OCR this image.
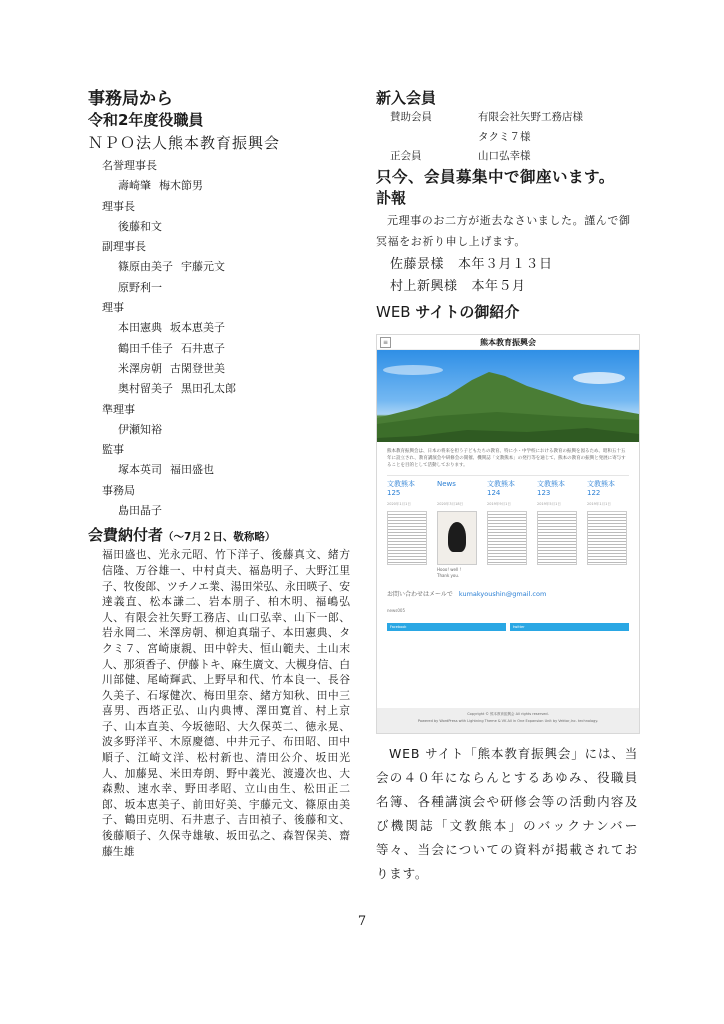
事務局から
令和2年度役職員
ＮＰＯ法人熊本教育振興会
名誉理事長
壽崎肇 梅木節男
理事長
後藤和文
副理事長
篠原由美子 宇藤元文
原野利一
理事
本田憲典 坂本恵美子
鶴田千佳子 石井恵子
米澤房朝 古閑登世美
奥村留美子 黒田孔太郎
準理事
伊瀬知裕
監事
塚本英司 福田盛也
事務局
島田晶子
会費納付者（～7月２日、敬称略）
福田盛也、光永元昭、竹下洋子、後藤真文、緒方信隆、万谷雄一、中村貞夫、福島明子、大野江里子、牧俊郎、ツチノエ業、湯田栄弘、永田暎子、安達義直、松本謙二、岩本朋子、柏木明、福嶋弘人、有限会社矢野工務店、山口弘幸、山下一郎、岩永岡二、米澤房朝、柳迫真瑞子、本田憲典、タクミ７、宮崎康親、田中幹夫、恒山範夫、土山末人、那須香子、伊藤トキ、麻生廣文、大槻身信、白川部健、尾崎輝武、上野早和代、竹本良一、長谷久美子、石塚健次、梅田里奈、緒方知秋、田中三喜男、西塔正弘、山内典博、澤田寛首、村上京子、山本直美、今坂徳昭、大久保英二、徳永晃、波多野洋平、木原慶德、中井元子、布田昭、田中順子、江崎文洋、松村新也、清田公介、坂田光人、加藤晃、米田寿朗、野中義光、渡邊次也、大森勲、速水幸、野田孝昭、立山由生、松田正二郎、坂本恵美子、前田好美、宇藤元文、篠原由美子、鶴田克明、石井恵子、吉田禎子、後藤和文、後藤順子、久保寺雄敏、坂田弘之、森智保美、齋藤生雄
新入会員
賛助会員	有限会社矢野工務店様
タクミ７様
正会員	山口弘幸様
只今、会員募集中で御座います。
訃報

元理事のお二方が逝去なさいました。謹んで御冥福をお祈り申し上げます。

佐藤景樣 本年３月１３日
村上新興様 本年５月
WEB サイトの御紹介
≡	熊本教育振興会
熊本教育振興会は、日本の将来を担う子どもたちの教育、特に小・中学校における教育の振興を図るため、昭和五十五年に設立され、教育講演会や研修会の開催、機関誌「文教熊本」の発行等を通じて、熊本の教育の振興と発展に寄与することを目的として活動しております。
文教熊本
125
2020年1月1日
News
2020年3月18日
Hooo! well !
Thank you.
文教熊本
124
2019年9月1日
文教熊本
123
2019年5月1日
文教熊本
122
2019年1月1日
お問い合わせはメールで kumakyoushin@gmail.com
news005
Facebook	twitter
Copyright © 熊本教育振興会 All rights reserved.
Powered by WordPress with Lightning Theme & VK All in One Expansion Unit by Vektor,Inc. technology.
WEB サイト「熊本教育振興会」には、当会の４０年にならんとするあゆみ、役職員名簿、各種講演会や研修会等の活動内容及び機関誌「文教熊本」のバックナンバー等々、当会についての資料が掲載されております。
7
